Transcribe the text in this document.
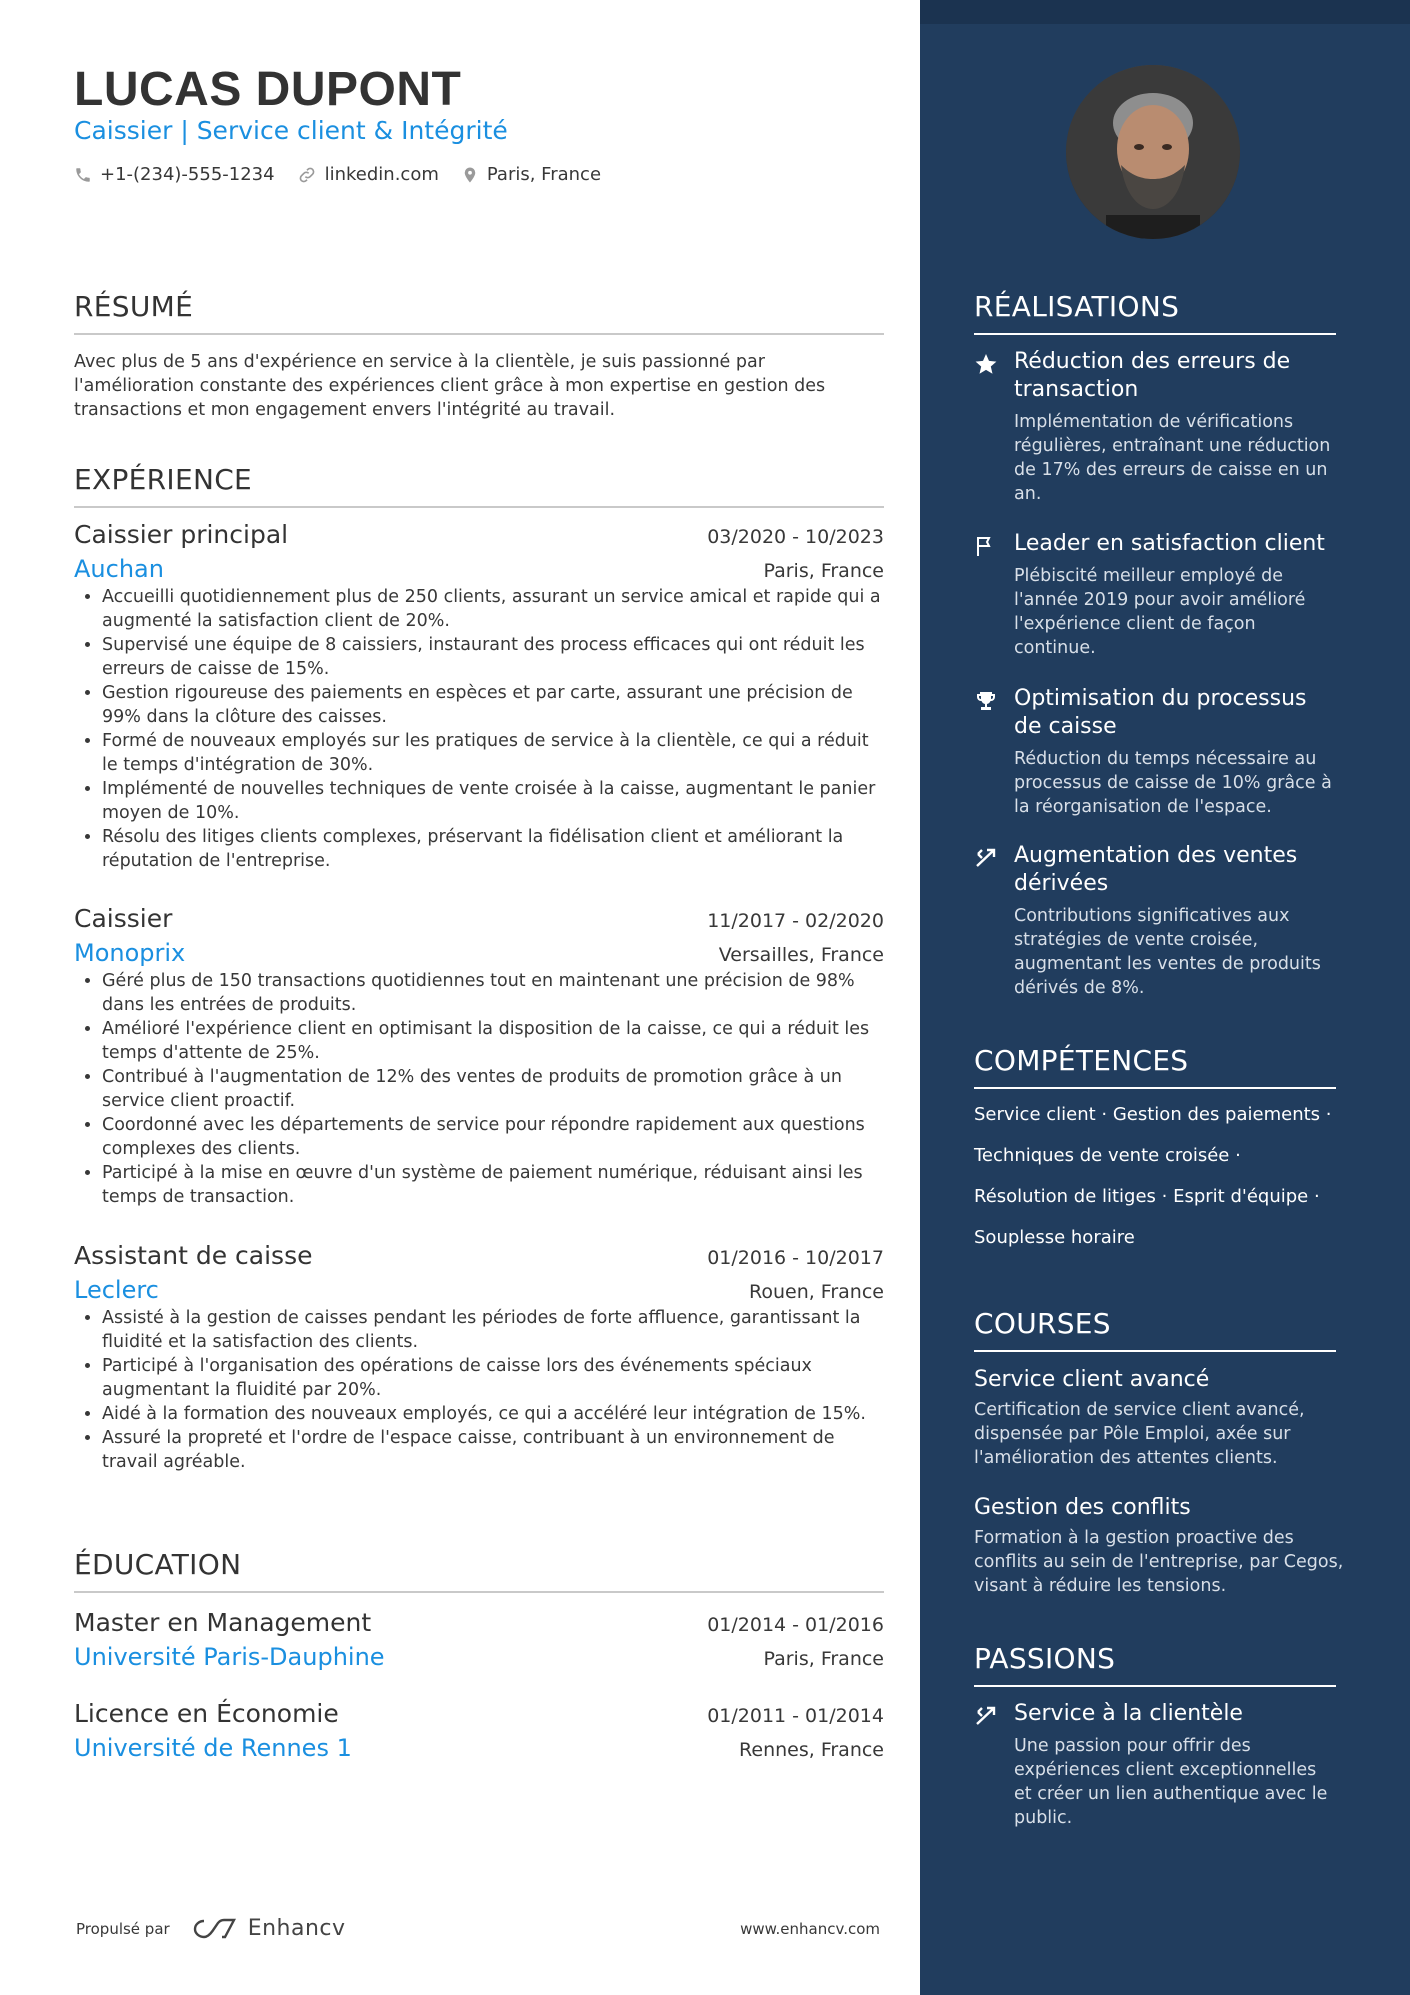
LUCAS DUPONT
Caissier | Service client & Intégrité
+1-(234)-555-1234	linkedin.com	Paris, France
RÉSUMÉ
Avec plus de 5 ans d'expérience en service à la clientèle, je suis passionné par l'amélioration constante des expériences client grâce à mon expertise en gestion des transactions et mon engagement envers l'intégrité au travail.
EXPÉRIENCE
Caissier principal	03/2020 - 10/2023
Auchan	Paris, France
• Accueilli quotidiennement plus de 250 clients, assurant un service amical et rapide qui a augmenté la satisfaction client de 20%.
• Supervisé une équipe de 8 caissiers, instaurant des process efficaces qui ont réduit les erreurs de caisse de 15%.
• Gestion rigoureuse des paiements en espèces et par carte, assurant une précision de 99% dans la clôture des caisses.
• Formé de nouveaux employés sur les pratiques de service à la clientèle, ce qui a réduit le temps d'intégration de 30%.
• Implémenté de nouvelles techniques de vente croisée à la caisse, augmentant le panier moyen de 10%.
• Résolu des litiges clients complexes, préservant la fidélisation client et améliorant la réputation de l'entreprise.
Caissier	11/2017 - 02/2020
Monoprix	Versailles, France
• Géré plus de 150 transactions quotidiennes tout en maintenant une précision de 98% dans les entrées de produits.
• Amélioré l'expérience client en optimisant la disposition de la caisse, ce qui a réduit les temps d'attente de 25%.
• Contribué à l'augmentation de 12% des ventes de produits de promotion grâce à un service client proactif.
• Coordonné avec les départements de service pour répondre rapidement aux questions complexes des clients.
• Participé à la mise en œuvre d'un système de paiement numérique, réduisant ainsi les temps de transaction.
Assistant de caisse	01/2016 - 10/2017
Leclerc	Rouen, France
• Assisté à la gestion de caisses pendant les périodes de forte affluence, garantissant la fluidité et la satisfaction des clients.
• Participé à l'organisation des opérations de caisse lors des événements spéciaux augmentant la fluidité par 20%.
• Aidé à la formation des nouveaux employés, ce qui a accéléré leur intégration de 15%.
• Assuré la propreté et l'ordre de l'espace caisse, contribuant à un environnement de travail agréable.
ÉDUCATION
Master en Management	01/2014 - 01/2016
Université Paris-Dauphine	Paris, France
Licence en Économie	01/2011 - 01/2014
Université de Rennes 1	Rennes, France
Propulsé par	Enhancv	www.enhancv.com
RÉALISATIONS
Réduction des erreurs de transaction
Implémentation de vérifications régulières, entraînant une réduction de 17% des erreurs de caisse en un an.
Leader en satisfaction client
Plébiscité meilleur employé de l'année 2019 pour avoir amélioré l'expérience client de façon continue.
Optimisation du processus de caisse
Réduction du temps nécessaire au processus de caisse de 10% grâce à la réorganisation de l'espace.
Augmentation des ventes dérivées
Contributions significatives aux stratégies de vente croisée, augmentant les ventes de produits dérivés de 8%.
COMPÉTENCES
Service client · Gestion des paiements ·
Techniques de vente croisée ·
Résolution de litiges · Esprit d'équipe ·
Souplesse horaire
COURSES
Service client avancé
Certification de service client avancé, dispensée par Pôle Emploi, axée sur l'amélioration des attentes clients.
Gestion des conflits
Formation à la gestion proactive des conflits au sein de l'entreprise, par Cegos, visant à réduire les tensions.
PASSIONS
Service à la clientèle
Une passion pour offrir des expériences client exceptionnelles et créer un lien authentique avec le public.
